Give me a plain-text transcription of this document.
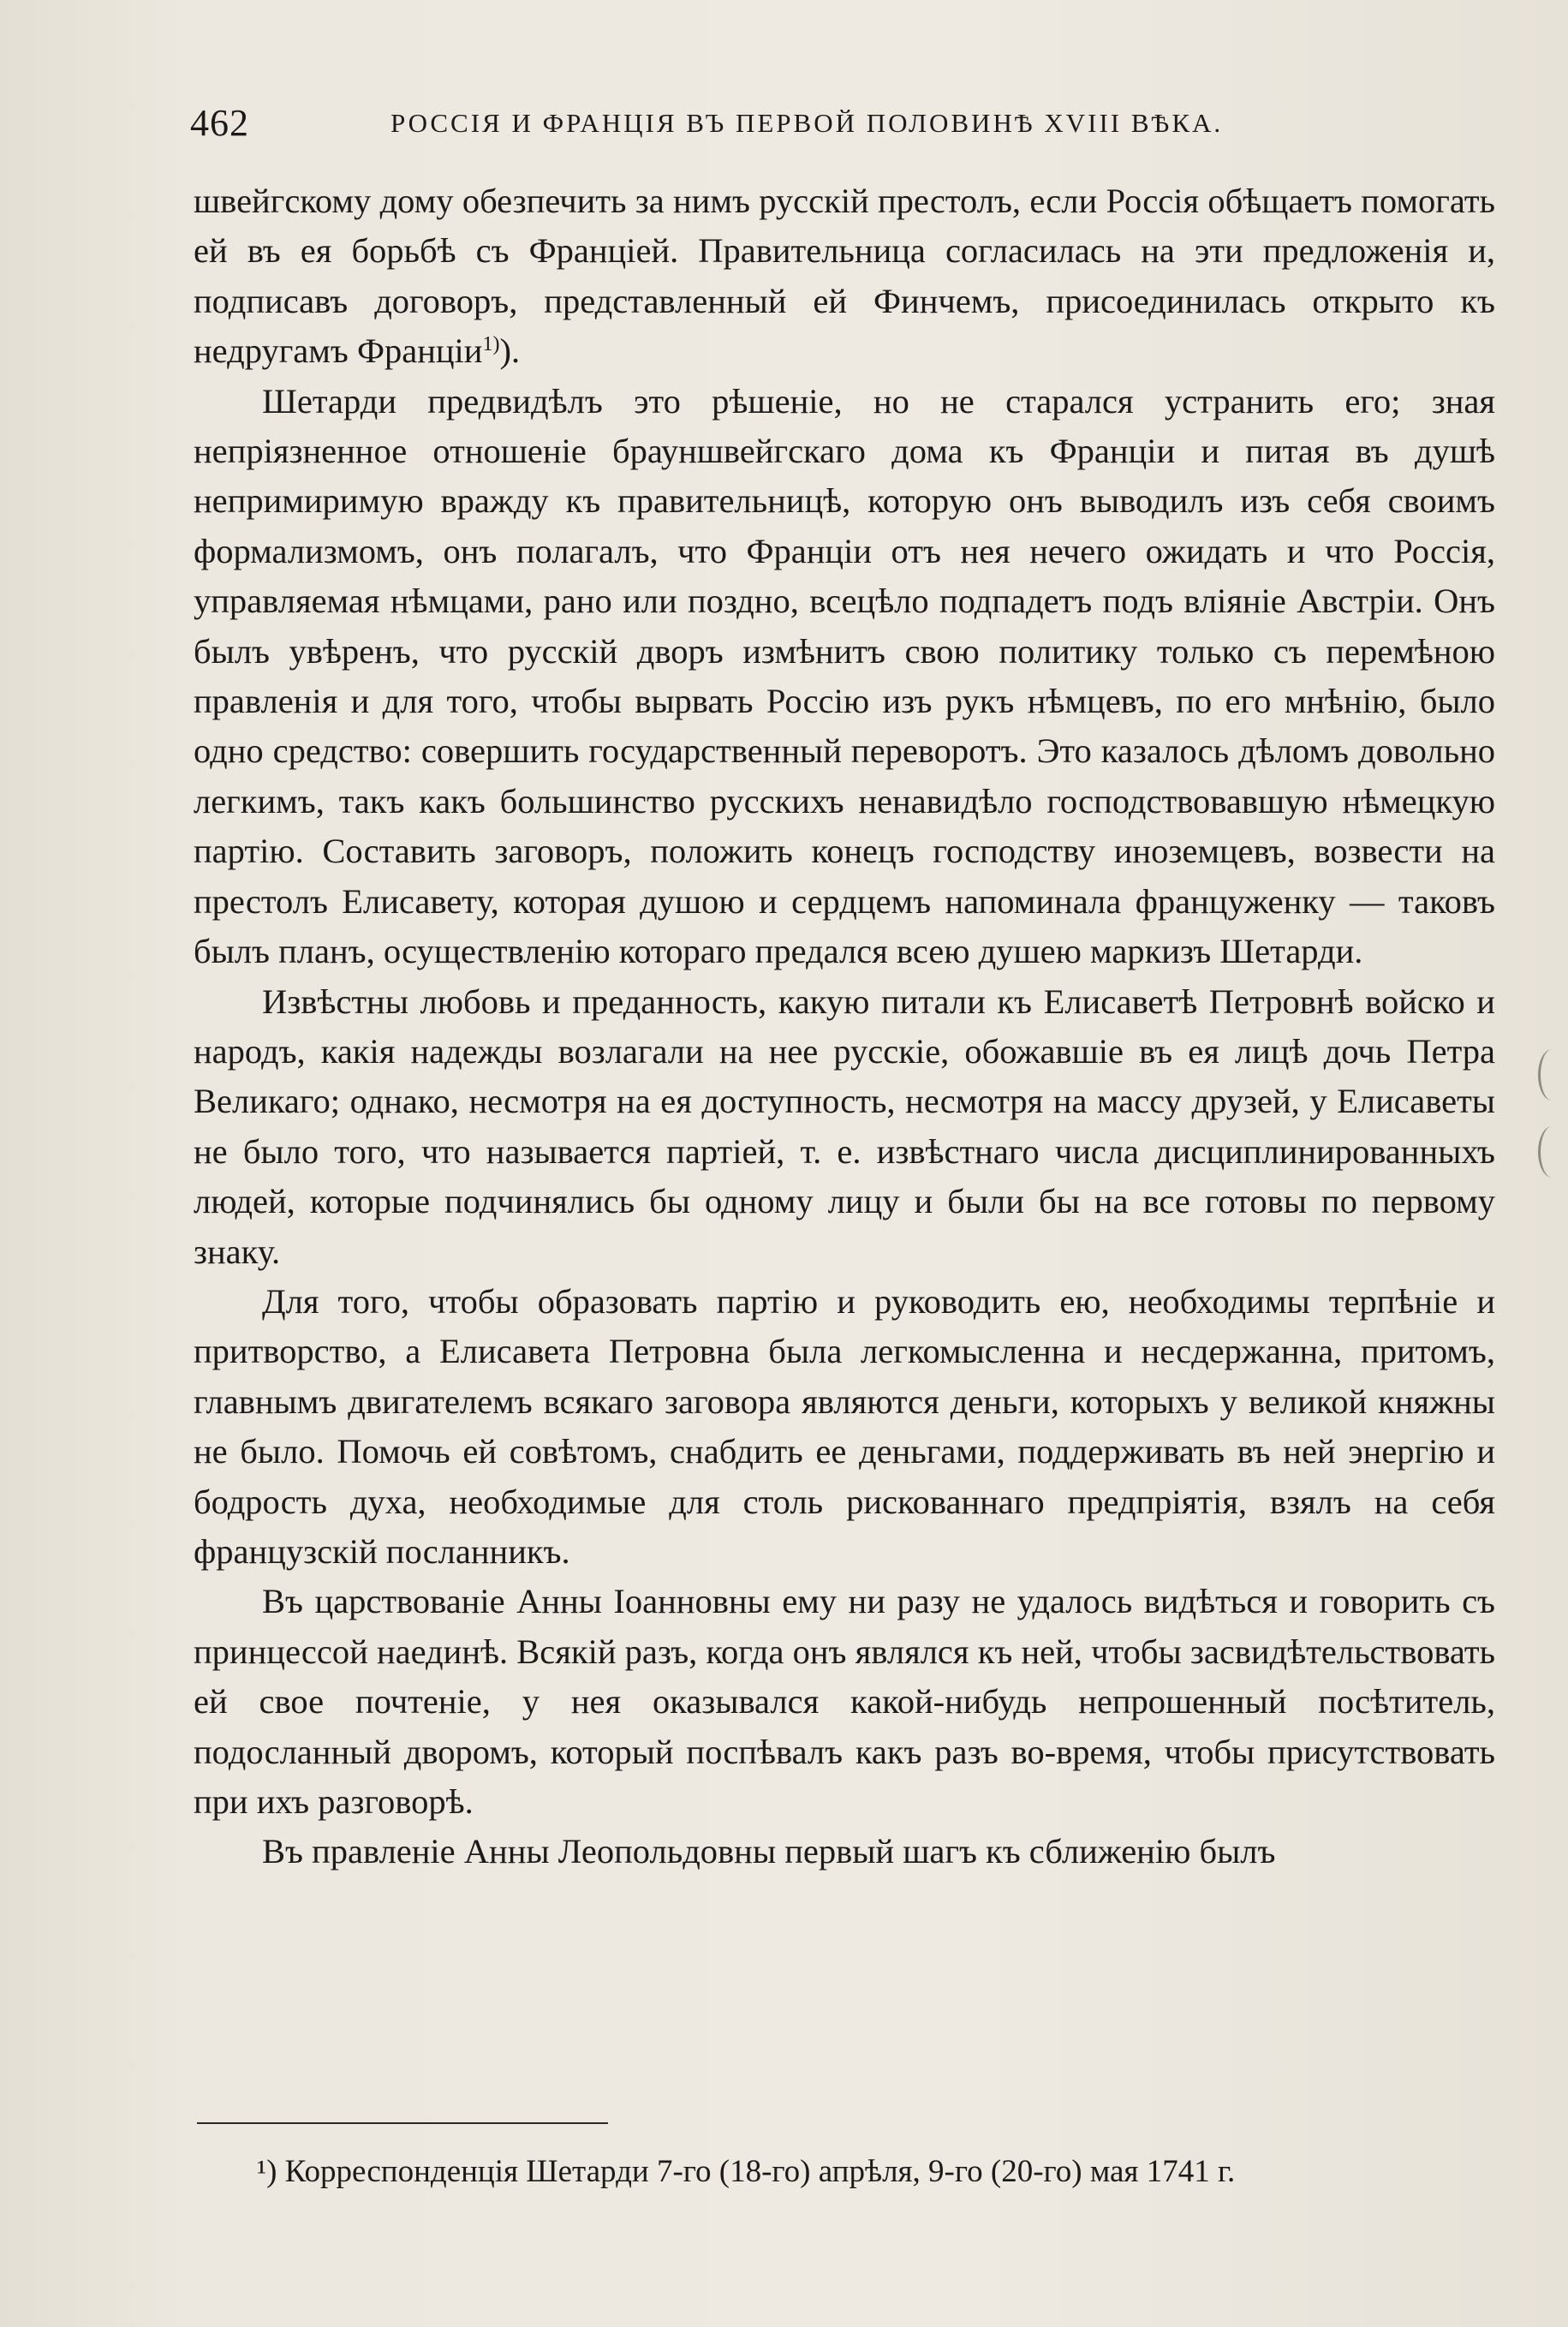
462	РОССІЯ И ФРАНЦІЯ ВЪ ПЕРВОЙ ПОЛОВИНѢ XVIII ВѢКА.

швейгскому дому обезпечить за нимъ русскій престолъ, если Россія обѣщаетъ помогать ей въ ея борьбѣ съ Франціей. Правительница согласилась на эти предложенія и, подписавъ договоръ, представленный ей Финчемъ, присоединилась открыто къ недругамъ Франціи$^{1)}$).

Шетарди предвидѣлъ это рѣшеніе, но не старался устранить его; зная непріязненное отношеніе брауншвейгскаго дома къ Франціи и питая въ душѣ непримиримую вражду къ правительницѣ, которую онъ выводилъ изъ себя своимъ формализмомъ, онъ полагалъ, что Франціи отъ нея нечего ожидать и что Россія, управляемая нѣмцами, рано или поздно, всецѣло подпадетъ подъ вліяніе Австріи. Онъ былъ увѣренъ, что русскій дворъ измѣнитъ свою политику только съ перемѣною правленія и для того, чтобы вырвать Россію изъ рукъ нѣмцевъ, по его мнѣнію, было одно средство: совершить государственный переворотъ. Это казалось дѣломъ довольно легкимъ, такъ какъ большинство русскихъ ненавидѣло господствовавшую нѣмецкую партію. Составить заговоръ, положить конецъ господству иноземцевъ, возвести на престолъ Елисавету, которая душою и сердцемъ напоминала француженку — таковъ былъ планъ, осуществленію котораго предался всею душею маркизъ Шетарди.

Извѣстны любовь и преданность, какую питали къ Елисаветѣ Петровнѣ войско и народъ, какія надежды возлагали на нее русскіе, обожавшіе въ ея лицѣ дочь Петра Великаго; однако, несмотря на ея доступность, несмотря на массу друзей, у Елисаветы не было того, что называется партіей, т. е. извѣстнаго числа дисциплинированныхъ людей, которые подчинялись бы одному лицу и были бы на все готовы по первому знаку.

Для того, чтобы образовать партію и руководить ею, необходимы терпѣніе и притворство, а Елисавета Петровна была легкомысленна и несдержанна, притомъ, главнымъ двигателемъ всякаго заговора являются деньги, которыхъ у великой княжны не было. Помочь ей совѣтомъ, снабдить ее деньгами, поддерживать въ ней энергію и бодрость духа, необходимые для столь рискованнаго предпріятія, взялъ на себя французскій посланникъ.

Въ царствованіе Анны Іоанновны ему ни разу не удалось видѣться и говорить съ принцессой наединѣ. Всякій разъ, когда онъ являлся къ ней, чтобы засвидѣтельствовать ей свое почтеніе, у нея оказывался какой-нибудь непрошенный посѣтитель, подосланный дворомъ, который поспѣвалъ какъ разъ во-время, чтобы присутствовать при ихъ разговорѣ.

Въ правленіе Анны Леопольдовны первый шагъ къ сближенію былъ

¹) Корреспонденція Шетарди 7-го (18-го) апрѣля, 9-го (20-го) мая 1741 г.
